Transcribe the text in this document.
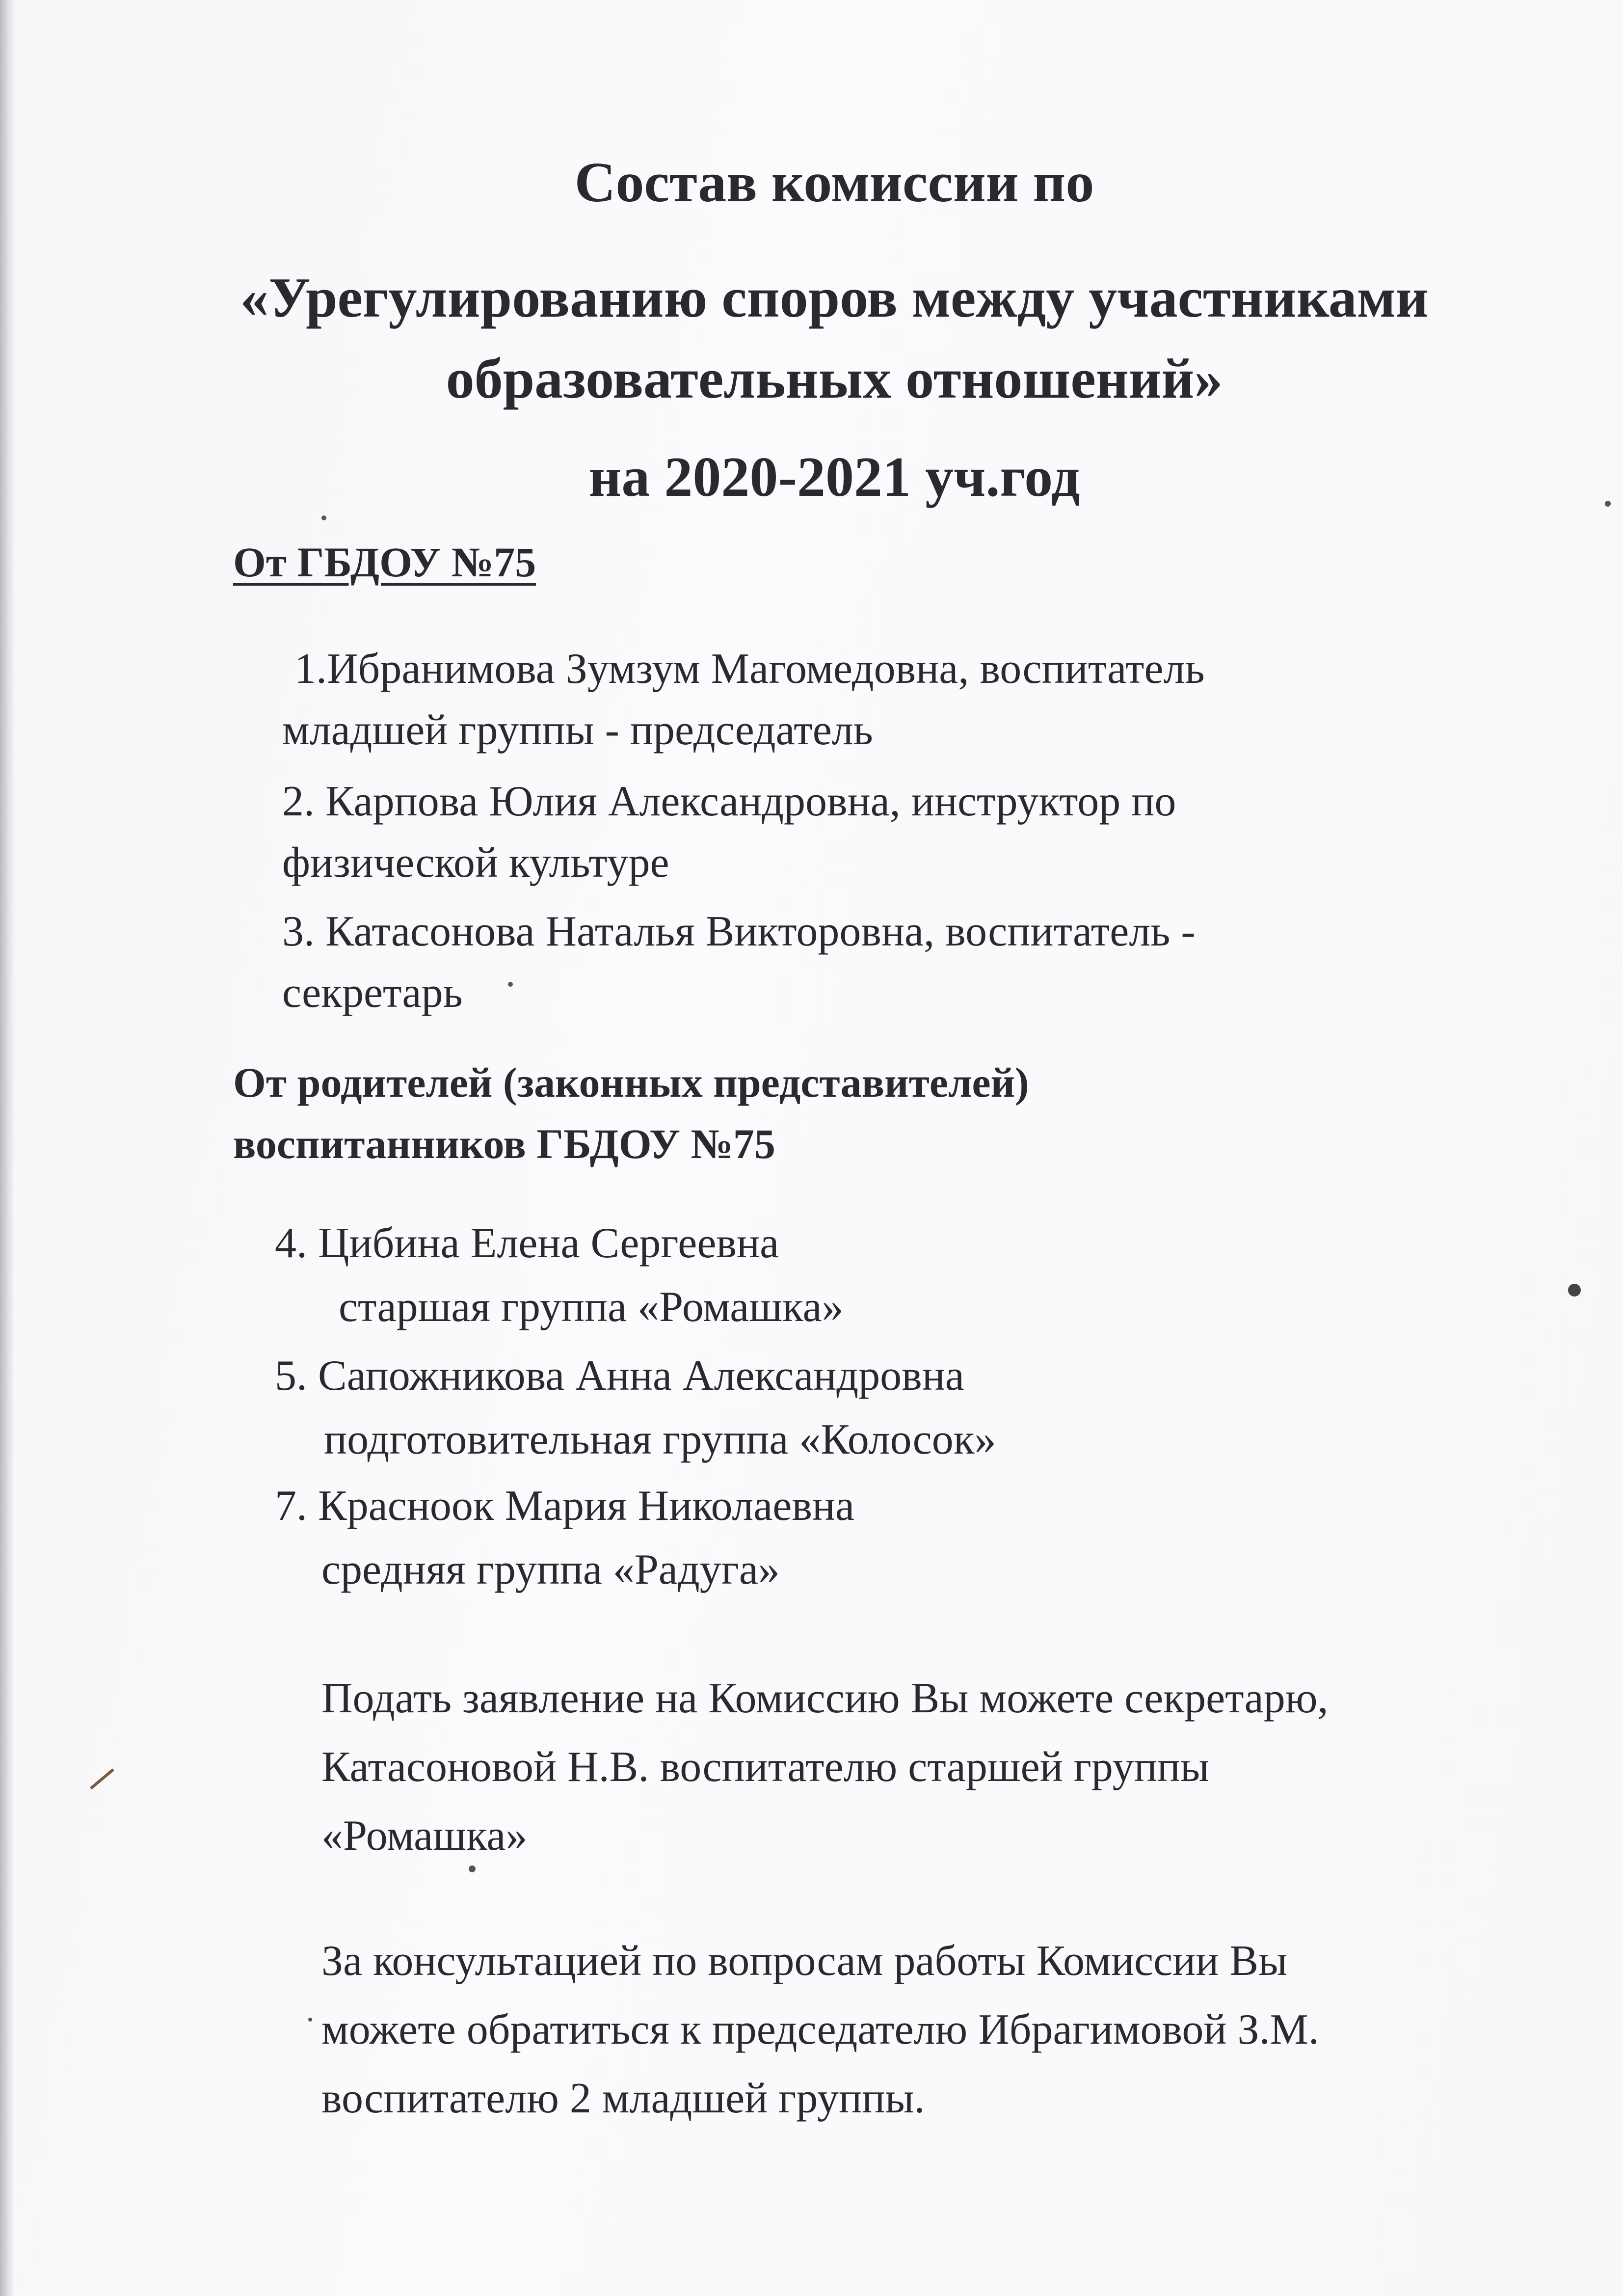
Состав комиссии по
«Урегулированию споров между участниками
образовательных отношений»
на 2020-2021 уч.год

От ГБДОУ №75

1.Ибранимова Зумзум Магомедовна, воспитатель

младшей группы - председатель

2. Карпова Юлия Александровна, инструктор по

физической культуре

3. Катасонова Наталья Викторовна, воспитатель -

секретарь

От родителей (законных представителей)

воспитанников ГБДОУ №75

4. Цибина Елена Сергеевна

старшая группа «Ромашка»

5. Сапожникова Анна Александровна

подготовительная группа «Колосок»

7. Красноок Мария Николаевна

средняя группа «Радуга»

Подать заявление на Комиссию Вы можете секретарю,

Катасоновой Н.В. воспитателю старшей группы

«Ромашка»

За консультацией по вопросам работы Комиссии Вы

можете обратиться к председателю Ибрагимовой З.М.

воспитателю 2 младшей группы.
